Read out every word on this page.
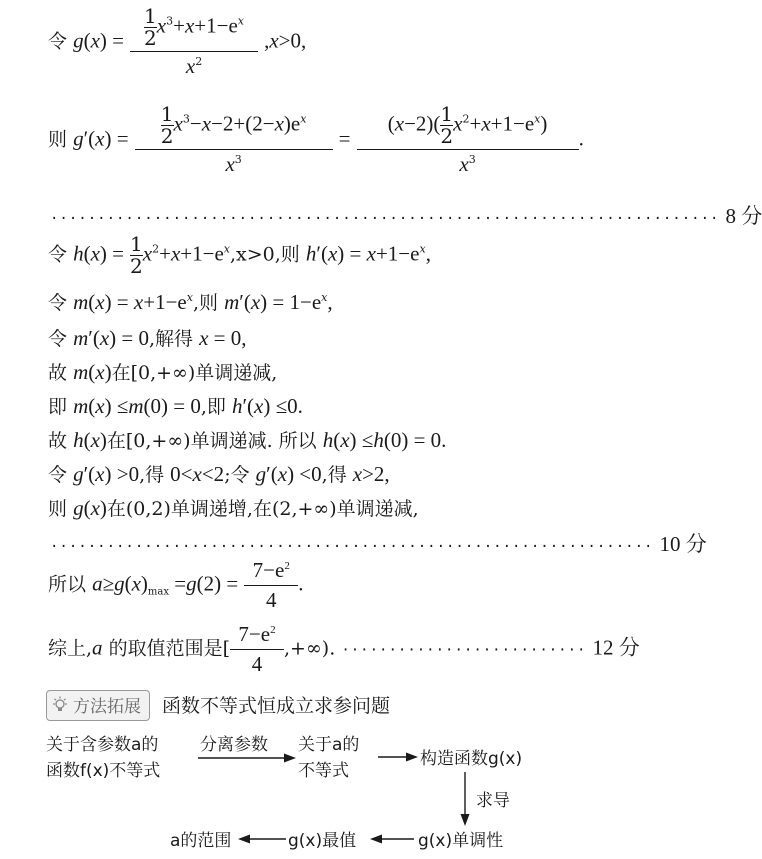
令 $g(x) = \frac{\frac{1}{2} x^3+x+1-e^x}{x^2} ,x>0$,
则 $g'(x) = \frac{\frac{1}{2} x^3-x-2+(2-x)e^x}{x^3} = \frac{(x-2)( \frac{1}{2} x^2+x+1-e^x)}{x^3}$ .
······································································· 8 分
令 $h(x) = \frac{1}{2} x^2+x+1-e^x,x>0$,则 $h'(x) = x+1-e^x$,
令 $m(x) = x+1-e^x$,则 $m'(x) = 1-e^x$,
令 m′(x) = 0,解得 x = 0,
故 m(x)在[0,+∞)单调递减,
即 m(x) ≤m(0) = 0,即 h′(x) ≤0.
故 h(x)在[0,+∞)单调递减. 所以 h(x) ≤h(0) = 0.
令 g′(x) >0,得 0<x<2;令 g′(x) <0,得 x>2,
则 g(x)在(0,2)单调递增,在(2,+∞)单调递减,
································································ 10 分
所以 $a\ge g(x)_{max} =g(2) = \frac{7-e^2}{4}$ .
综上,a 的取值范围是[ $\frac{7-e^2}{4}$ ,+∞). ·························· 12 分
方法拓展 函数不等式恒成立求参问题
关于含参数a的
函数f(x)不等式
分离参数 关于a的
不等式
构造函数g(x)
求导
a的范围	g(x)最值	g(x)单调性
